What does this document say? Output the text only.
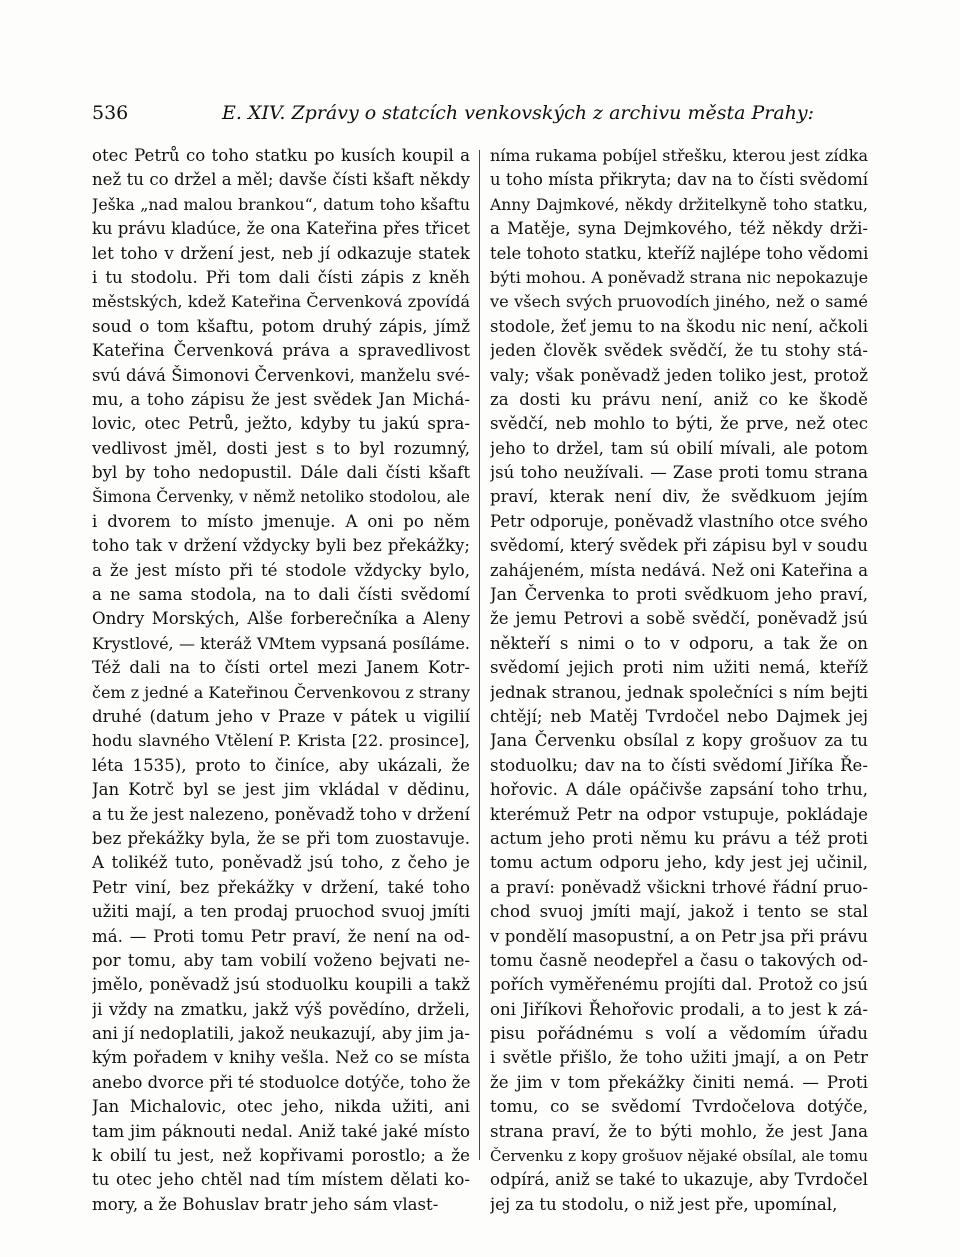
536	E. XIV. Zprávy o statcích venkovských z archivu města Prahy:
otec Petrů co toho statku po kusích koupil a
než tu co držel a měl; davše čísti kšaft někdy
Ješka „nad malou brankou“, datum toho kšaftu
ku právu kladúce, že ona Kateřina přes třicet
let toho v držení jest, neb jí odkazuje statek
i tu stodolu. Při tom dali čísti zápis z kněh
městských, kdež Kateřina Červenková zpovídá
soud o tom kšaftu, potom druhý zápis, jímž
Kateřina Červenková práva a spravedlivost
svú dává Šimonovi Červenkovi, manželu své-
mu, a toho zápisu že jest svědek Jan Michá-
lovic, otec Petrů, ježto, kdyby tu jakú spra-
vedlivost jměl, dosti jest s to byl rozumný,
byl by toho nedopustil. Dále dali čísti kšaft
Šimona Červenky, v němž netoliko stodolou, ale
i dvorem to místo jmenuje. A oni po něm
toho tak v držení vždycky byli bez překážky;
a že jest místo při té stodole vždycky bylo,
a ne sama stodola, na to dali čísti svědomí
Ondry Morských, Alše forberečníka a Aleny
Krystlové, — kteráž VMtem vypsaná posíláme.
Též dali na to čísti ortel mezi Janem Kotr-
čem z jedné a Kateřinou Červenkovou z strany
druhé (datum jeho v Praze v pátek u vigilií
hodu slavného Vtělení P. Krista [22. prosince],
léta 1535), proto to činíce, aby ukázali, že
Jan Kotrč byl se jest jim vkládal v dědinu,
a tu že jest nalezeno, poněvadž toho v držení
bez překážky byla, že se při tom zuostavuje.
A tolikéž tuto, poněvadž jsú toho, z čeho je
Petr viní, bez překážky v držení, také toho
užiti mají, a ten prodaj pruochod svuoj jmíti
má. — Proti tomu Petr praví, že není na od-
por tomu, aby tam vobilí voženo bejvati ne-
jmělo, poněvadž jsú stoduolku koupili a takž
ji vždy na zmatku, jakž výš povědíno, drželi,
ani jí nedoplatili, jakož neukazují, aby jim ja-
kým pořadem v knihy vešla. Než co se místa
anebo dvorce při té stoduolce dotýče, toho že
Jan Michalovic, otec jeho, nikda užiti, ani
tam jim páknouti nedal. Aniž také jaké místo
k obilí tu jest, než kopřivami porostlo; a že
tu otec jeho chtěl nad tím místem dělati ko-
mory, a že Bohuslav bratr jeho sám vlast-
níma rukama pobíjel střešku, kterou jest zídka
u toho místa přikryta; dav na to čísti svědomí
Anny Dajmkové, někdy držitelkyně toho statku,
a Matěje, syna Dejmkového, též někdy drži-
tele tohoto statku, kteříž najlépe toho vědomi
býti mohou. A poněvadž strana nic nepokazuje
ve všech svých pruovodích jiného, než o samé
stodole, žeť jemu to na škodu nic není, ačkoli
jeden člověk svědek svědčí, že tu stohy stá-
valy; však poněvadž jeden toliko jest, protož
za dosti ku právu není, aniž co ke škodě
svědčí, neb mohlo to býti, že prve, než otec
jeho to držel, tam sú obilí mívali, ale potom
jsú toho neužívali. — Zase proti tomu strana
praví, kterak není div, že svědkuom jejím
Petr odporuje, poněvadž vlastního otce svého
svědomí, který svědek při zápisu byl v soudu
zahájeném, místa nedává. Než oni Kateřina a
Jan Červenka to proti svědkuom jeho praví,
že jemu Petrovi a sobě svědčí, poněvadž jsú
někteří s nimi o to v odporu, a tak že on
svědomí jejich proti nim užiti nemá, kteříž
jednak stranou, jednak společníci s ním bejti
chtějí; neb Matěj Tvrdočel nebo Dajmek jej
Jana Červenku obsílal z kopy grošuov za tu
stoduolku; dav na to čísti svědomí Jiříka Ře-
hořovic. A dále opáčivše zapsání toho trhu,
kterémuž Petr na odpor vstupuje, pokládaje
actum jeho proti němu ku právu a též proti
tomu actum odporu jeho, kdy jest jej učinil,
a praví: poněvadž všickni trhové řádní pruo-
chod svuoj jmíti mají, jakož i tento se stal
v pondělí masopustní, a on Petr jsa při právu
tomu časně neodepřel a času o takových od-
pořích vyměřenému projíti dal. Protož co jsú
oni Jiříkovi Řehořovic prodali, a to jest k zá-
pisu pořádnému s volí a vědomím úřadu
i světle přišlo, že toho užiti jmají, a on Petr
že jim v tom překážky činiti nemá. — Proti
tomu, co se svědomí Tvrdočelova dotýče,
strana praví, že to býti mohlo, že jest Jana
Červenku z kopy grošuov nějaké obsílal, ale tomu
odpírá, aniž se také to ukazuje, aby Tvrdočel
jej za tu stodolu, o niž jest pře, upomínal,
